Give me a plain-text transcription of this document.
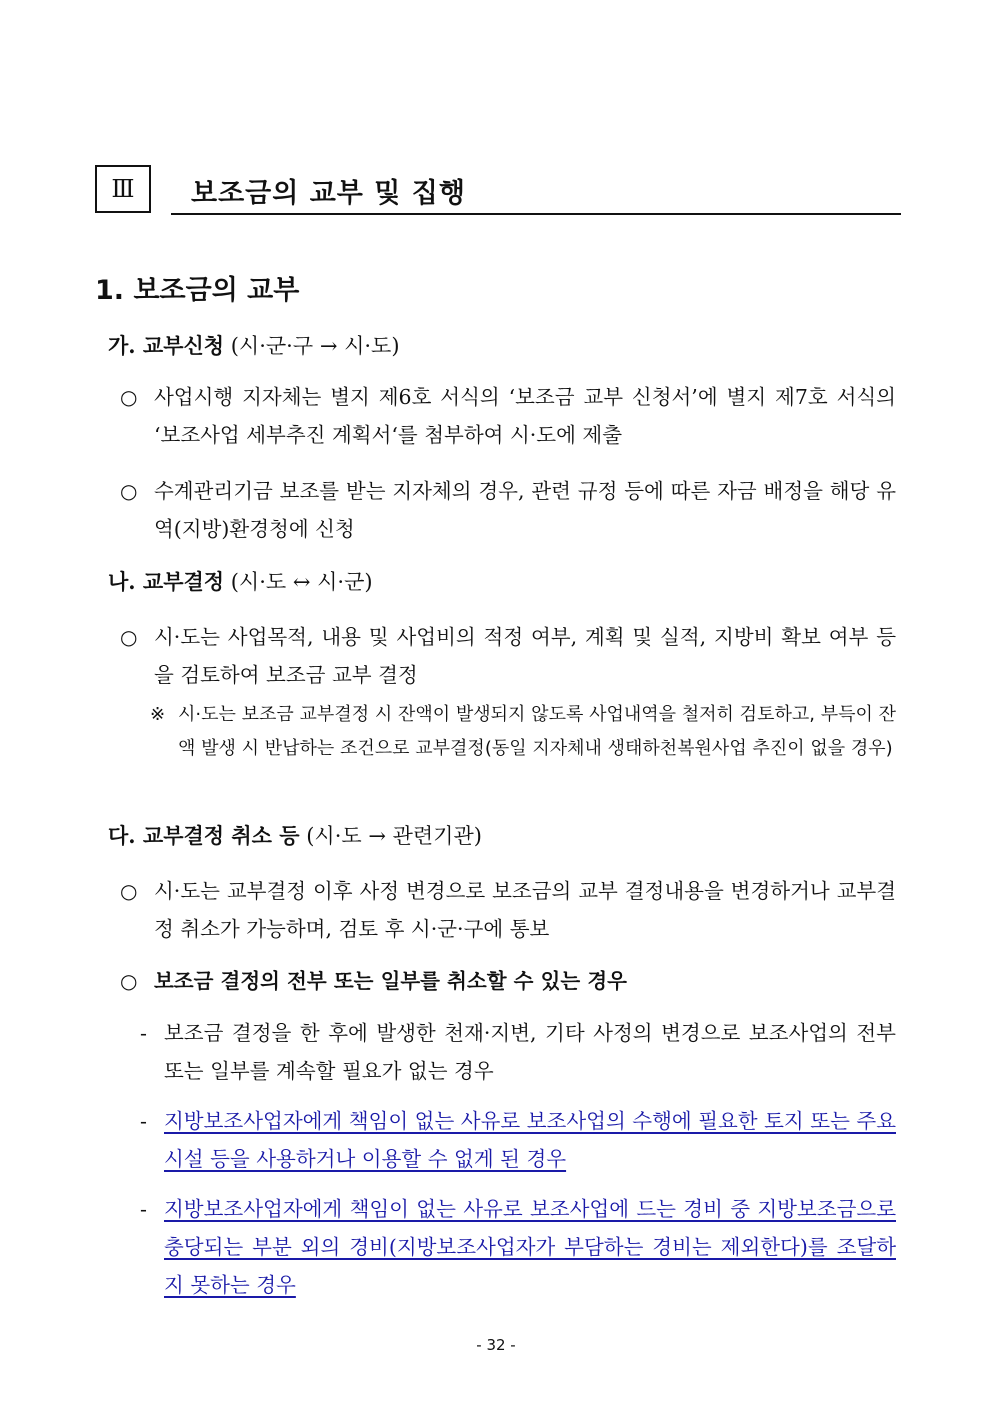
Ⅲ	보조금의 교부 및 집행
1. 보조금의 교부
가. 교부신청 (시·군·구 → 시·도)
○ 사업시행 지자체는 별지 제6호 서식의 ‘보조금 교부 신청서’에 별지 제7호 서식의 ‘보조사업 세부추진 계획서‘를 첨부하여 시·도에 제출
○ 수계관리기금 보조를 받는 지자체의 경우, 관련 규정 등에 따른 자금 배정을 해당 유역(지방)환경청에 신청
나. 교부결정 (시·도 ↔ 시·군)
○ 시·도는 사업목적, 내용 및 사업비의 적정 여부, 계획 및 실적, 지방비 확보 여부 등을 검토하여 보조금 교부 결정
※ 시·도는 보조금 교부결정 시 잔액이 발생되지 않도록 사업내역을 철저히 검토하고, 부득이 잔액 발생 시 반납하는 조건으로 교부결정(동일 지자체내 생태하천복원사업 추진이 없을 경우)
다. 교부결정 취소 등 (시·도 → 관련기관)
○ 시·도는 교부결정 이후 사정 변경으로 보조금의 교부 결정내용을 변경하거나 교부결정 취소가 가능하며, 검토 후 시·군·구에 통보
○ 보조금 결정의 전부 또는 일부를 취소할 수 있는 경우
- 보조금 결정을 한 후에 발생한 천재·지변, 기타 사정의 변경으로 보조사업의 전부 또는 일부를 계속할 필요가 없는 경우
- 지방보조사업자에게 책임이 없는 사유로 보조사업의 수행에 필요한 토지 또는 주요 시설 등을 사용하거나 이용할 수 없게 된 경우
- 지방보조사업자에게 책임이 없는 사유로 보조사업에 드는 경비 중 지방보조금으로 충당되는 부분 외의 경비(지방보조사업자가 부담하는 경비는 제외한다)를 조달하지 못하는 경우
- 32 -
